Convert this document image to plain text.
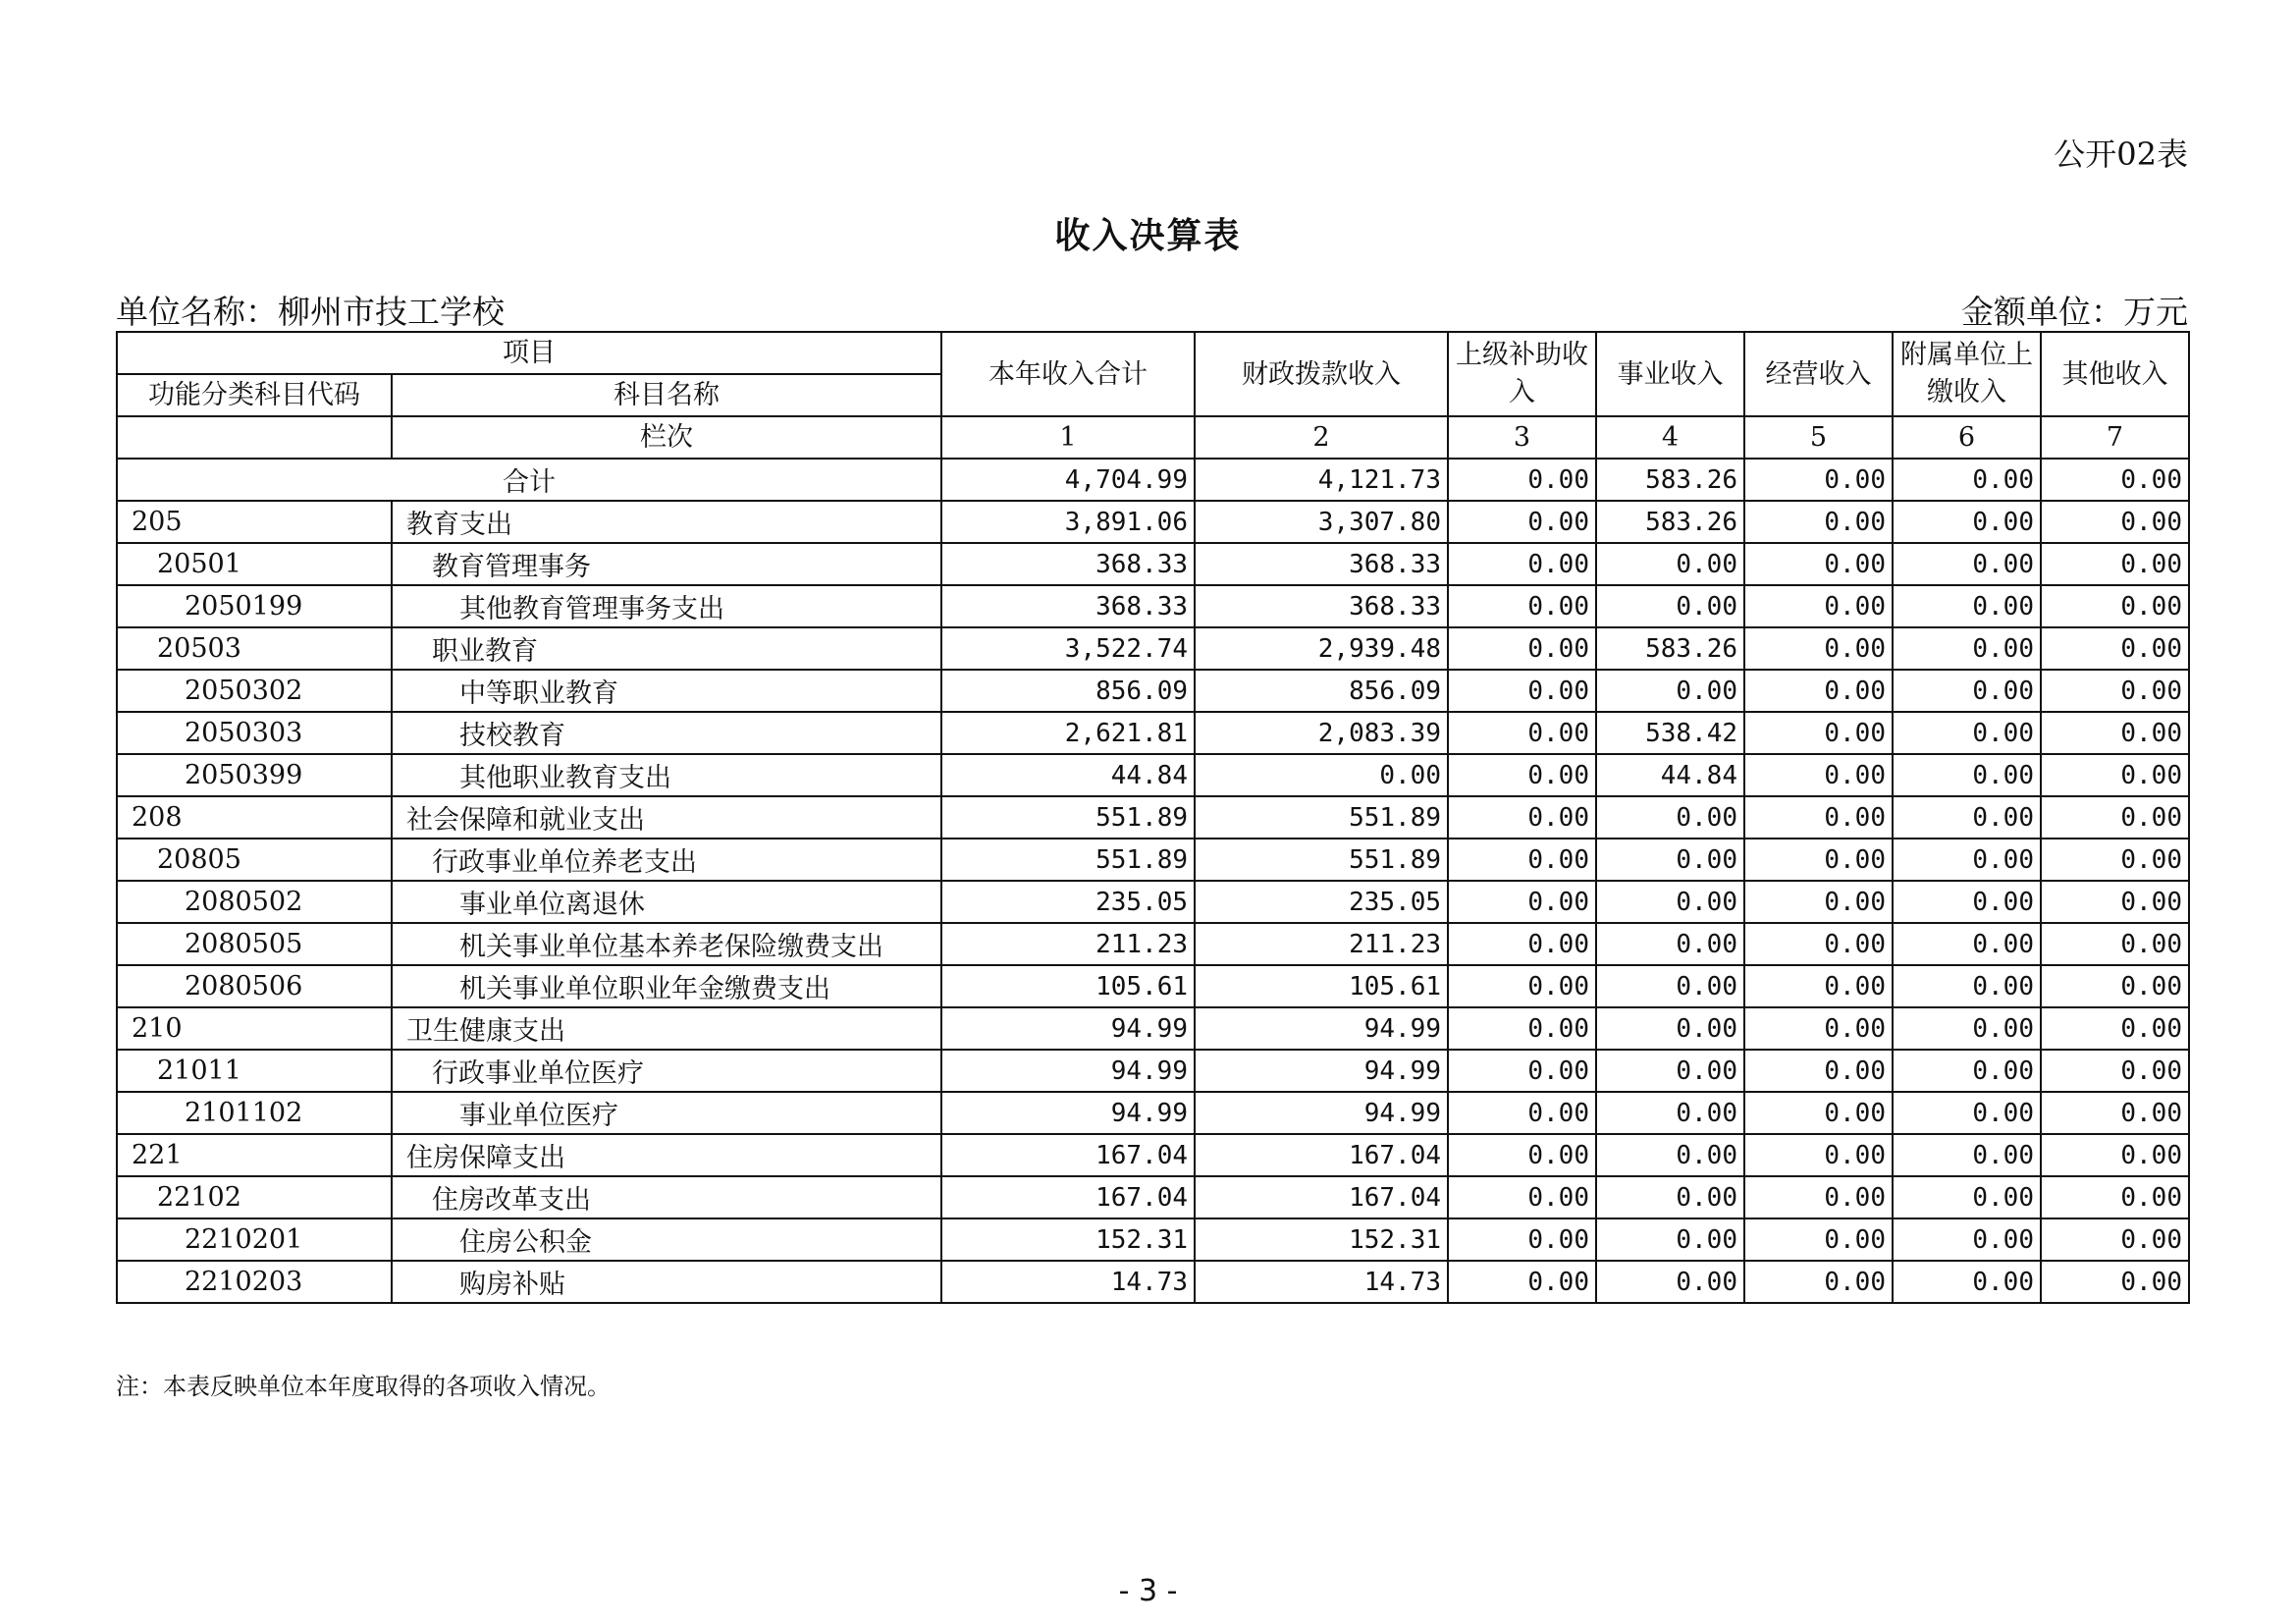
公开02表
收入决算表
单位名称：柳州市技工学校	金额单位：万元
项目		本年收入合计	财政拨款收入	上级补助收入	事业收入	经营收入	附属单位上缴收入	其他收入
功能分类科目代码	科目名称							
	栏次	1	2	3	4	5	6	7
合计		4,704.99	4,121.73	0.00	583.26	0.00	0.00	0.00
205	教育支出	3,891.06	3,307.80	0.00	583.26	0.00	0.00	0.00
20501	教育管理事务	368.33	368.33	0.00	0.00	0.00	0.00	0.00
2050199	其他教育管理事务支出	368.33	368.33	0.00	0.00	0.00	0.00	0.00
20503	职业教育	3,522.74	2,939.48	0.00	583.26	0.00	0.00	0.00
2050302	中等职业教育	856.09	856.09	0.00	0.00	0.00	0.00	0.00
2050303	技校教育	2,621.81	2,083.39	0.00	538.42	0.00	0.00	0.00
2050399	其他职业教育支出	44.84	0.00	0.00	44.84	0.00	0.00	0.00
208	社会保障和就业支出	551.89	551.89	0.00	0.00	0.00	0.00	0.00
20805	行政事业单位养老支出	551.89	551.89	0.00	0.00	0.00	0.00	0.00
2080502	事业单位离退休	235.05	235.05	0.00	0.00	0.00	0.00	0.00
2080505	机关事业单位基本养老保险缴费支出	211.23	211.23	0.00	0.00	0.00	0.00	0.00
2080506	机关事业单位职业年金缴费支出	105.61	105.61	0.00	0.00	0.00	0.00	0.00
210	卫生健康支出	94.99	94.99	0.00	0.00	0.00	0.00	0.00
21011	行政事业单位医疗	94.99	94.99	0.00	0.00	0.00	0.00	0.00
2101102	事业单位医疗	94.99	94.99	0.00	0.00	0.00	0.00	0.00
221	住房保障支出	167.04	167.04	0.00	0.00	0.00	0.00	0.00
22102	住房改革支出	167.04	167.04	0.00	0.00	0.00	0.00	0.00
2210201	住房公积金	152.31	152.31	0.00	0.00	0.00	0.00	0.00
2210203	购房补贴	14.73	14.73	0.00	0.00	0.00	0.00	0.00
注：本表反映单位本年度取得的各项收入情况。
- 3 -
